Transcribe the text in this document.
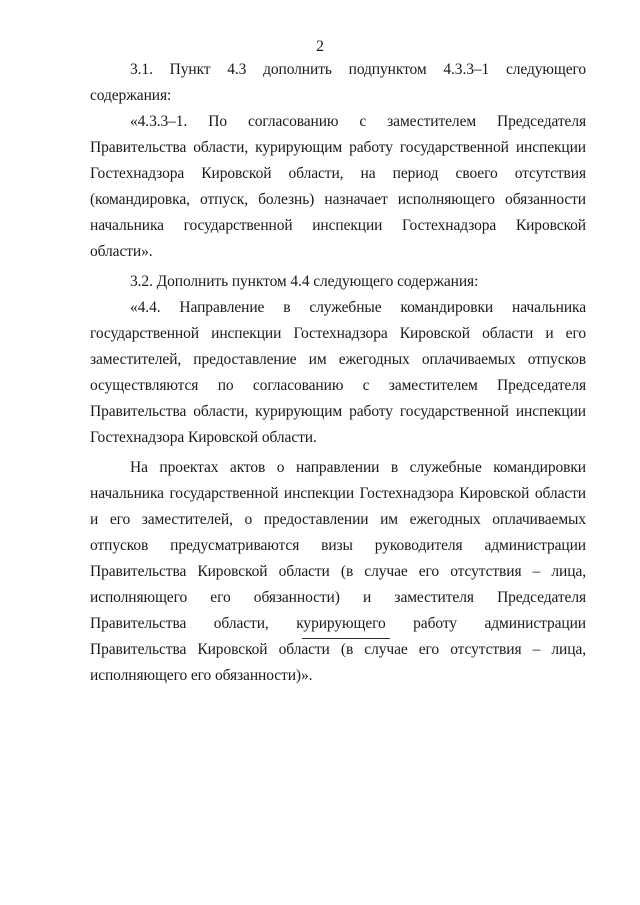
2

3.1. Пункт 4.3 дополнить подпунктом 4.3.3–1 следующего содержания:

«4.3.3–1. По согласованию с заместителем Председателя Правительства области, курирующим работу государственной инспекции Гостехнадзора Кировской области, на период своего отсутствия (командировка, отпуск, болезнь) назначает исполняющего обязанности начальника государственной инспекции Гостехнадзора Кировской области».

3.2. Дополнить пунктом 4.4 следующего содержания:

«4.4. Направление в служебные командировки начальника государственной инспекции Гостехнадзора Кировской области и его заместителей, предоставление им ежегодных оплачиваемых отпусков осуществляются по согласованию с заместителем Председателя Правительства области, курирующим работу государственной инспекции Гостехнадзора Кировской области.

На проектах актов о направлении в служебные командировки начальника государственной инспекции Гостехнадзора Кировской области и его заместителей, о предоставлении им ежегодных оплачиваемых отпусков предусматриваются визы руководителя администрации Правительства Кировской области (в случае его отсутствия – лица, исполняющего его обязанности) и заместителя Председателя Правительства области, курирующего работу администрации Правительства Кировской области (в случае его отсутствия – лица, исполняющего его обязанности)».
